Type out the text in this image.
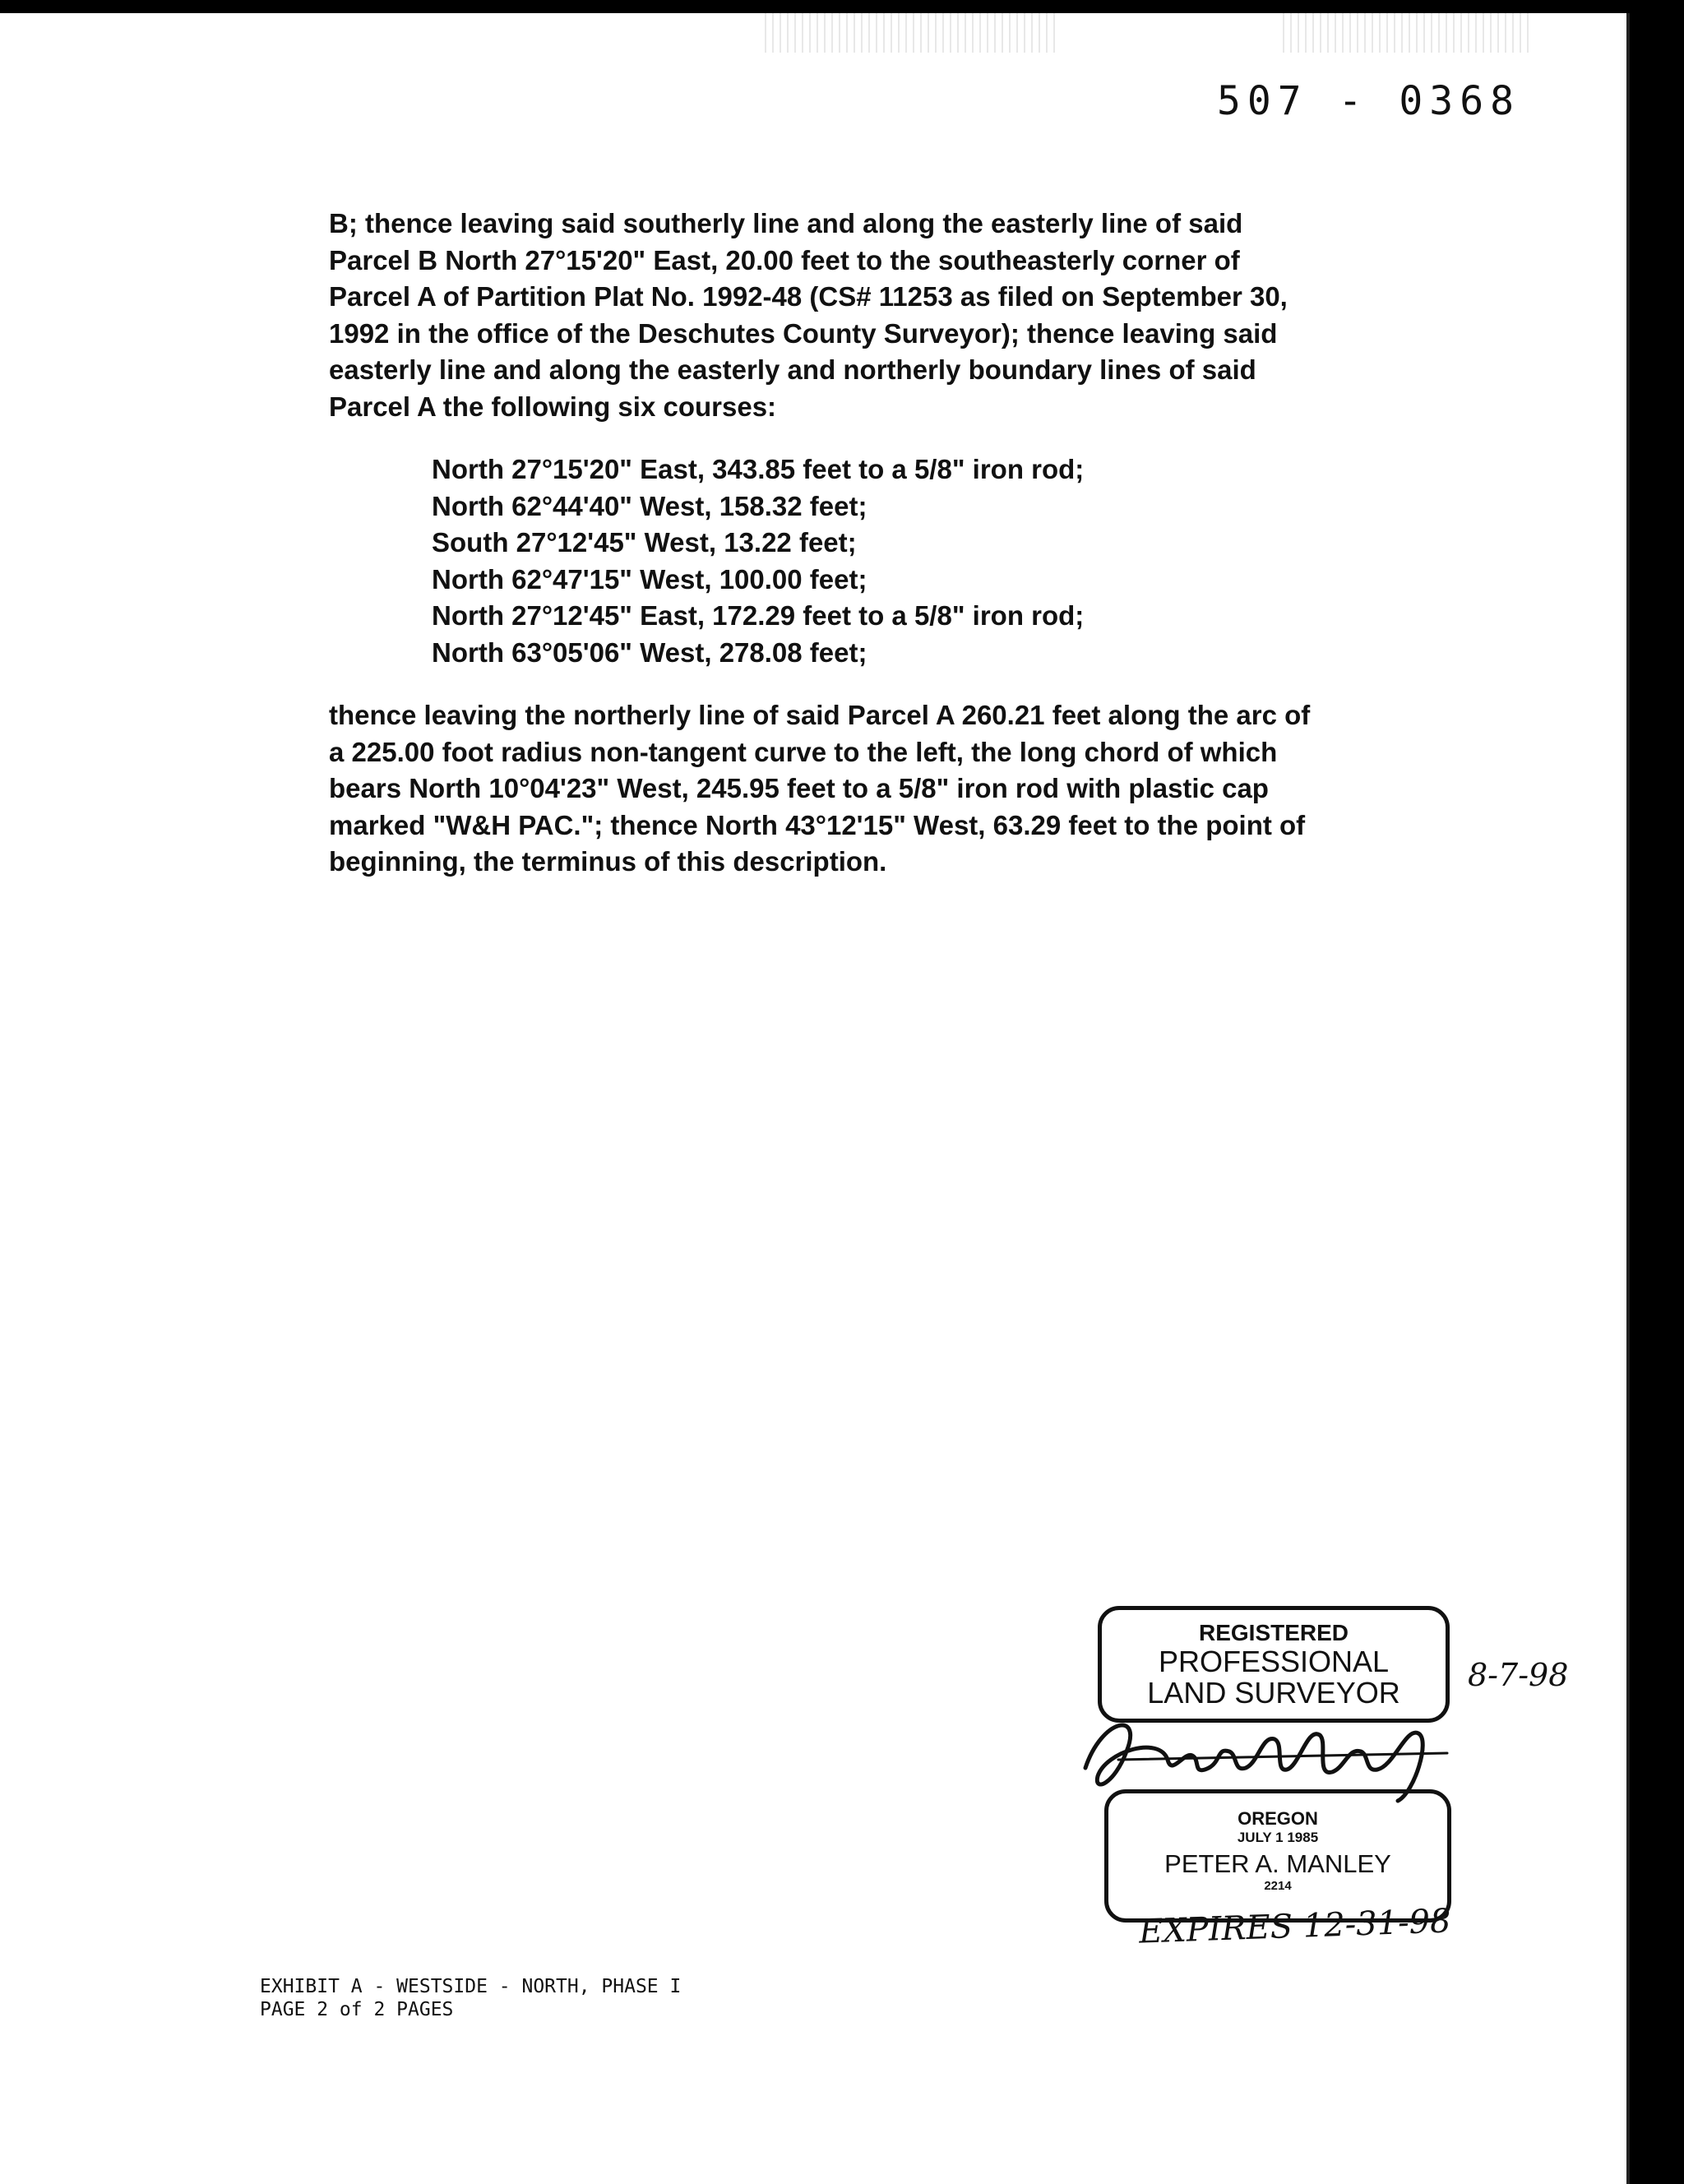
507 - 0368

B; thence leaving said southerly line and along the easterly line of said Parcel B North 27°15'20" East, 20.00 feet to the southeasterly corner of Parcel A of Partition Plat No. 1992-48 (CS# 11253 as filed on September 30, 1992 in the office of the Deschutes County Surveyor); thence leaving said easterly line and along the easterly and northerly boundary lines of said Parcel A the following six courses:

North 27°15'20" East, 343.85 feet to a 5/8" iron rod;
North 62°44'40" West, 158.32 feet;
South 27°12'45" West, 13.22 feet;
North 62°47'15" West, 100.00 feet;
North 27°12'45" East, 172.29 feet to a 5/8" iron rod;
North 63°05'06" West, 278.08 feet;

thence leaving the northerly line of said Parcel A 260.21 feet along the arc of a 225.00 foot radius non-tangent curve to the left, the long chord of which bears North 10°04'23" West, 245.95 feet to a 5/8" iron rod with plastic cap marked "W&H PAC."; thence North 43°12'15" West, 63.29 feet to the point of beginning, the terminus of this description.

REGISTERED
PROFESSIONAL
LAND SURVEYOR
OREGON
JULY 1 1985
PETER A. MANLEY
2214
8-7-98
EXPIRES 12-31-98
EXHIBIT A - WESTSIDE - NORTH, PHASE I
PAGE 2 of 2 PAGES
